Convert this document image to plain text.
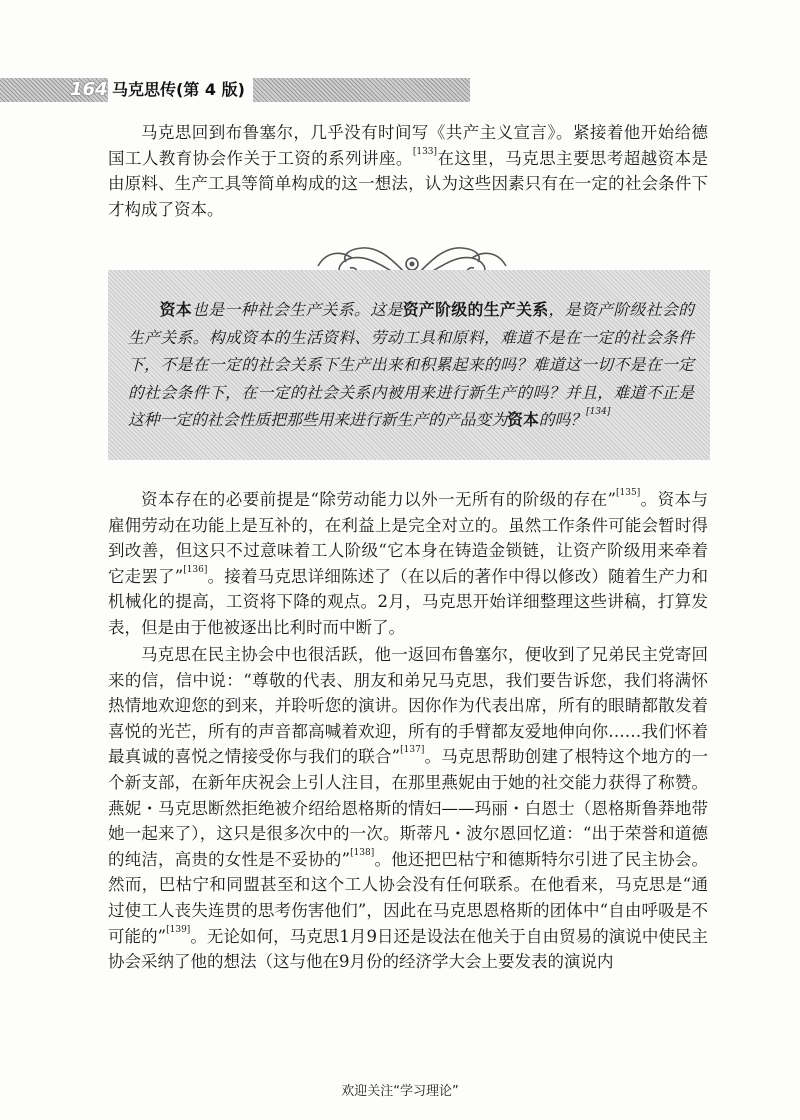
164 马克思传(第 4 版)

马克思回到布鲁塞尔，几乎没有时间写《共产主义宣言》。紧接着他开始给德国工人教育协会作关于工资的系列讲座。[133]在这里，马克思主要思考超越资本是由原料、生产工具等简单构成的这一想法，认为这些因素只有在一定的社会条件下才构成了资本。

资本也是一种社会生产关系。这是资产阶级的生产关系，是资产阶级社会的生产关系。构成资本的生活资料、劳动工具和原料，难道不是在一定的社会条件下，不是在一定的社会关系下生产出来和积累起来的吗？难道这一切不是在一定的社会条件下，在一定的社会关系内被用来进行新生产的吗？并且，难道不正是这种一定的社会性质把那些用来进行新生产的产品变为资本的吗？[134]

资本存在的必要前提是“除劳动能力以外一无所有的阶级的存在”[135]。资本与雇佣劳动在功能上是互补的，在利益上是完全对立的。虽然工作条件可能会暂时得到改善，但这只不过意味着工人阶级“它本身在铸造金锁链，让资产阶级用来牵着它走罢了”[136]。接着马克思详细陈述了（在以后的著作中得以修改）随着生产力和机械化的提高，工资将下降的观点。2月，马克思开始详细整理这些讲稿，打算发表，但是由于他被逐出比利时而中断了。

马克思在民主协会中也很活跃，他一返回布鲁塞尔，便收到了兄弟民主党寄回来的信，信中说：“尊敬的代表、朋友和弟兄马克思，我们要告诉您，我们将满怀热情地欢迎您的到来，并聆听您的演讲。因你作为代表出席，所有的眼睛都散发着喜悦的光芒，所有的声音都高喊着欢迎，所有的手臂都友爱地伸向你……我们怀着最真诚的喜悦之情接受你与我们的联合”[137]。马克思帮助创建了根特这个地方的一个新支部，在新年庆祝会上引人注目，在那里燕妮由于她的社交能力获得了称赞。燕妮・马克思断然拒绝被介绍给恩格斯的情妇——玛丽・白恩士（恩格斯鲁莽地带她一起来了），这只是很多次中的一次。斯蒂凡・波尔恩回忆道：“出于荣誉和道德的纯洁，高贵的女性是不妥协的”[138]。他还把巴枯宁和德斯特尔引进了民主协会。然而，巴枯宁和同盟甚至和这个工人协会没有任何联系。在他看来，马克思是“通过使工人丧失连贯的思考伤害他们”，因此在马克思恩格斯的团体中“自由呼吸是不可能的”[139]。无论如何，马克思1月9日还是设法在他关于自由贸易的演说中使民主协会采纳了他的想法（这与他在9月份的经济学大会上要发表的演说内

欢迎关注“学习理论”
